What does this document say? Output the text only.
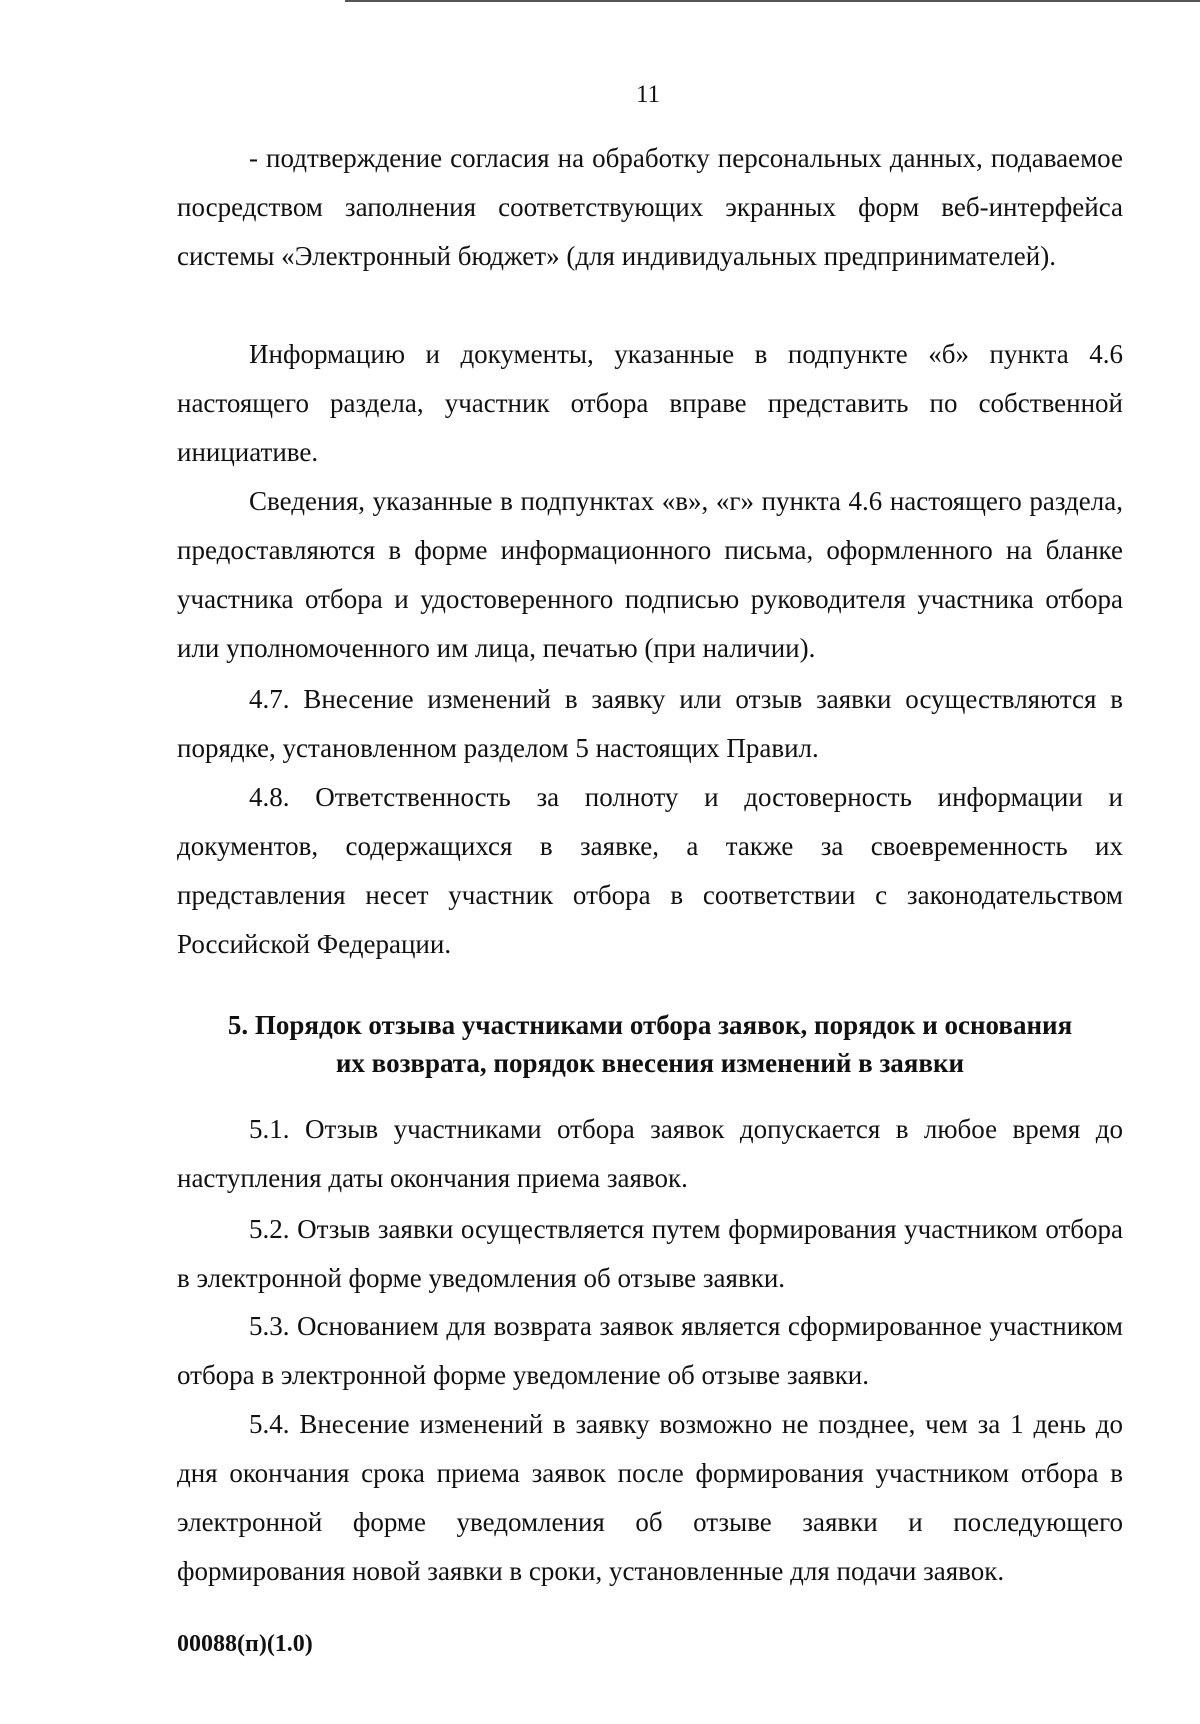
11

- подтверждение согласия на обработку персональных данных, подаваемое посредством заполнения соответствующих экранных форм веб-интерфейса системы «Электронный бюджет» (для индивидуальных предпринимателей).

Информацию и документы, указанные в подпункте «б» пункта 4.6 настоящего раздела, участник отбора вправе представить по собственной инициативе.

Сведения, указанные в подпунктах «в», «г» пункта 4.6 настоящего раздела, предоставляются в форме информационного письма, оформленного на бланке участника отбора и удостоверенного подписью руководителя участника отбора или уполномоченного им лица, печатью (при наличии).

4.7. Внесение изменений в заявку или отзыв заявки осуществляются в порядке, установленном разделом 5 настоящих Правил.

4.8. Ответственность за полноту и достоверность информации и документов, содержащихся в заявке, а также за своевременность их представления несет участник отбора в соответствии с законодательством Российской Федерации.

5. Порядок отзыва участниками отбора заявок, порядок и основания
их возврата, порядок внесения изменений в заявки

5.1. Отзыв участниками отбора заявок допускается в любое время до наступления даты окончания приема заявок.

5.2. Отзыв заявки осуществляется путем формирования участником отбора в электронной форме уведомления об отзыве заявки.

5.3. Основанием для возврата заявок является сформированное участником отбора в электронной форме уведомление об отзыве заявки.

5.4. Внесение изменений в заявку возможно не позднее, чем за 1 день до дня окончания срока приема заявок после формирования участником отбора в электронной форме уведомления об отзыве заявки и последующего формирования новой заявки в сроки, установленные для подачи заявок.

00088(п)(1.0)
